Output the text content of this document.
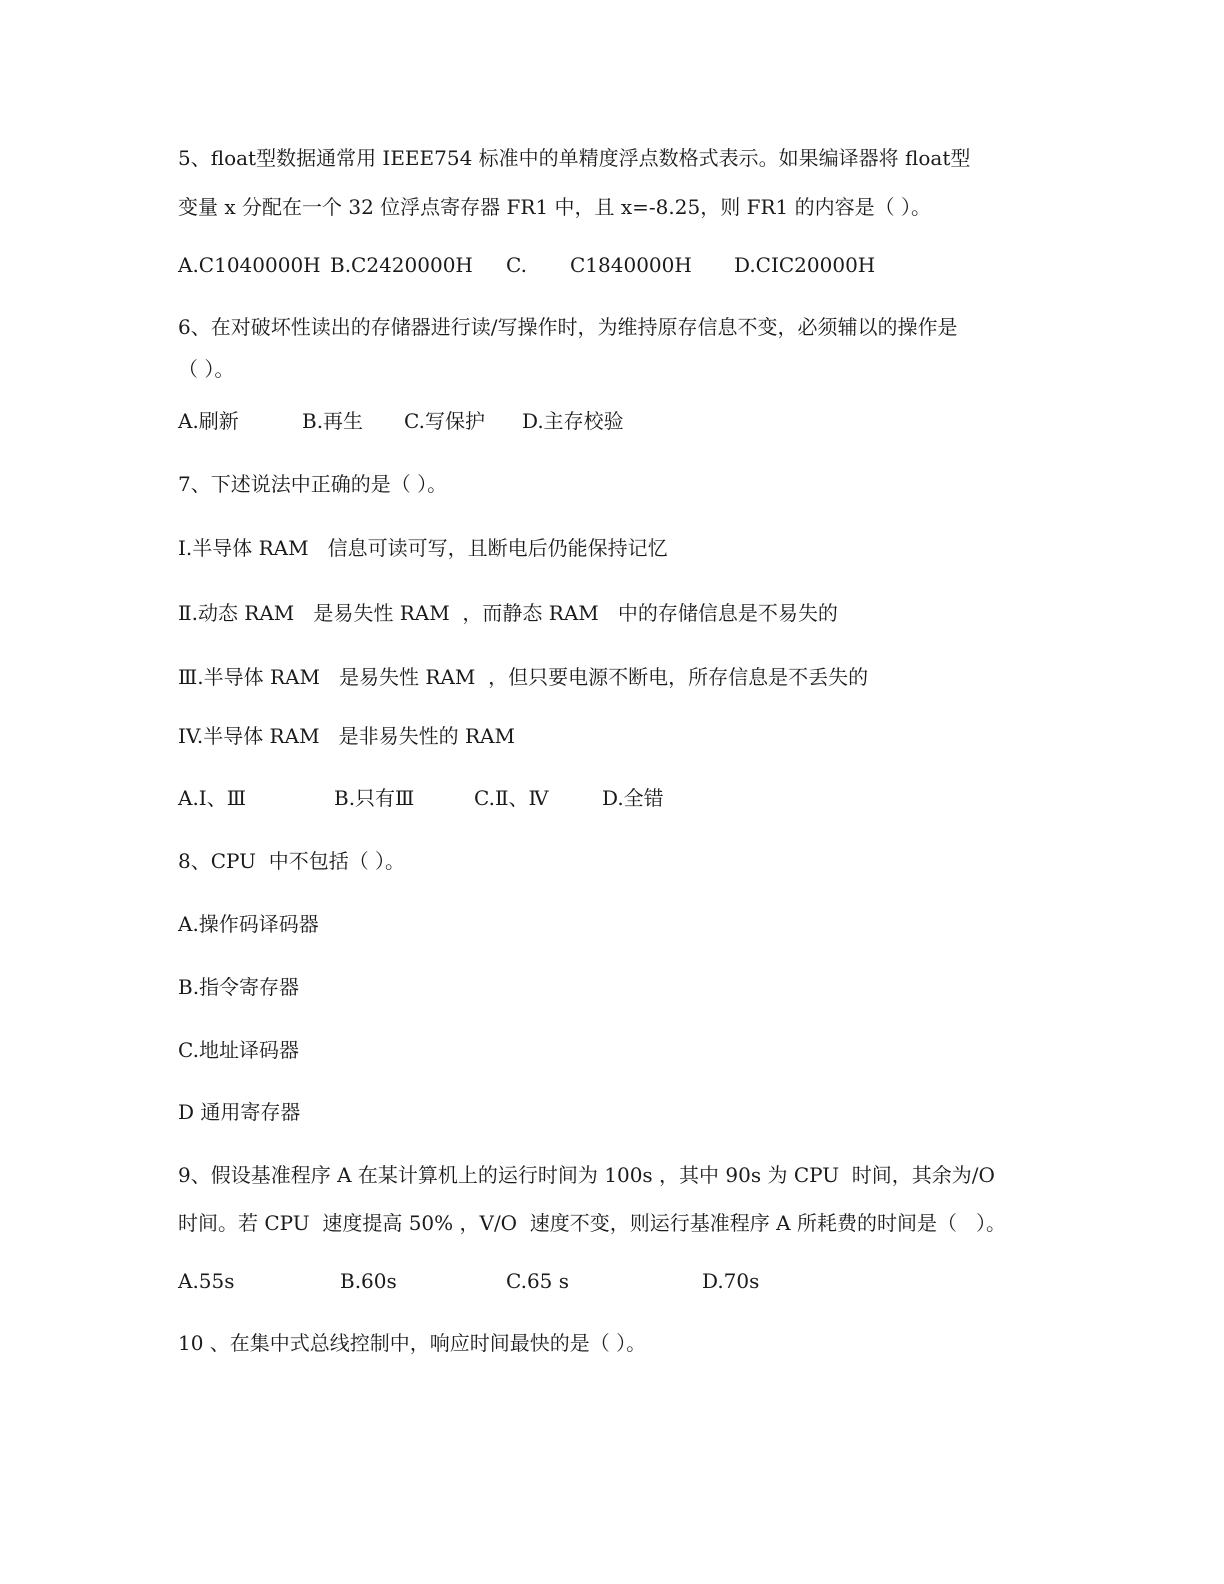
5、float型数据通常用 IEEE754 标准中的单精度浮点数格式表示。如果编译器将 float型
变量 x 分配在一个 32 位浮点寄存器 FR1 中，且 x=-8.25，则 FR1 的内容是（ ）。
A.C1040000H B.C2420000H C. C1840000H D.CIC20000H
6、在对破坏性读出的存储器进行读/写操作时，为维持原存信息不变，必须辅以的操作是
（ ）。
A.刷新	B.再生 C.写保护 D.主存校验
7、下述说法中正确的是（ ）。
I.半导体 RAM   信息可读可写，且断电后仍能保持记忆
Ⅱ.动态 RAM   是易失性 RAM  ，而静态 RAM   中的存储信息是不易失的
Ⅲ.半导体 RAM   是易失性 RAM  ，但只要电源不断电，所存信息是不丢失的
IV.半导体 RAM   是非易失性的 RAM
A.Ⅰ、Ⅲ	B.只有Ⅲ	C.Ⅱ、Ⅳ	D.全错
8、CPU  中不包括（ ）。
A.操作码译码器
B.指令寄存器
C.地址译码器
D 通用寄存器
9、假设基准程序 A 在某计算机上的运行时间为 100s ，其中 90s 为 CPU  时间，其余为/O
时间。若 CPU  速度提高 50% ，V/O  速度不变，则运行基准程序 A 所耗费的时间是（   ）。
A.55s	B.60s	C.65 s	D.70s
10 、在集中式总线控制中，响应时间最快的是（ ）。
